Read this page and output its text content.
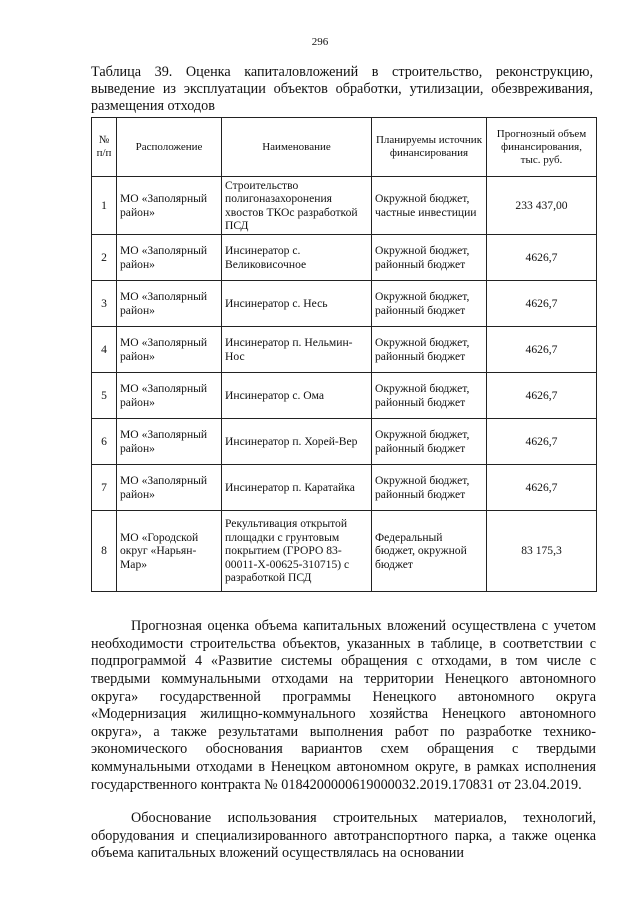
296
Таблица 39. Оценка капиталовложений в строительство, реконструкцию, выведение из эксплуатации объектов обработки, утилизации, обезвреживания, размещения отходов
№ п/п	Расположение	Наименование	Планируемы источник финансирования	Прогнозный объем финансирования, тыс. руб.
1	МО «Заполярный район»	Строительство полигоназахоронения хвостов ТКОс разработкой ПСД	Окружной бюджет, частные инвестиции	233 437,00
2	МО «Заполярный район»	Инсинератор с. Великовисочное	Окружной бюджет, районный бюджет	4626,7
3	МО «Заполярный район»	Инсинератор с. Несь	Окружной бюджет, районный бюджет	4626,7
4	МО «Заполярный район»	Инсинератор п. Нельмин-Нос	Окружной бюджет, районный бюджет	4626,7
5	МО «Заполярный район»	Инсинератор с. Ома	Окружной бюджет, районный бюджет	4626,7
6	МО «Заполярный район»	Инсинератор п. Хорей-Вер	Окружной бюджет, районный бюджет	4626,7
7	МО «Заполярный район»	Инсинератор п. Каратайка	Окружной бюджет, районный бюджет	4626,7
8	МО «Городской округ «Нарьян-Мар»	Рекультивация открытой площадки с грунтовым покрытием (ГРОРО 83-00011-Х-00625-310715) с разработкой ПСД	Федеральный бюджет, окружной бюджет	83 175,3

Прогнозная оценка объема капитальных вложений осуществлена с учетом необходимости строительства объектов, указанных в таблице, в соответствии с подпрограммой 4 «Развитие системы обращения с отходами, в том числе с твердыми коммунальными отходами на территории Ненецкого автономного округа» государственной программы Ненецкого автономного округа «Модернизация жилищно-коммунального хозяйства Ненецкого автономного округа», а также результатами выполнения работ по разработке технико-экономического обоснования вариантов схем обращения с твердыми коммунальными отходами в Ненецком автономном округе, в рамках исполнения государственного контракта № 0184200000619000032.2019.170831 от 23.04.2019.

Обоснование использования строительных материалов, технологий, оборудования и специализированного автотранспортного парка, а также оценка объема капитальных вложений осуществлялась на основании
